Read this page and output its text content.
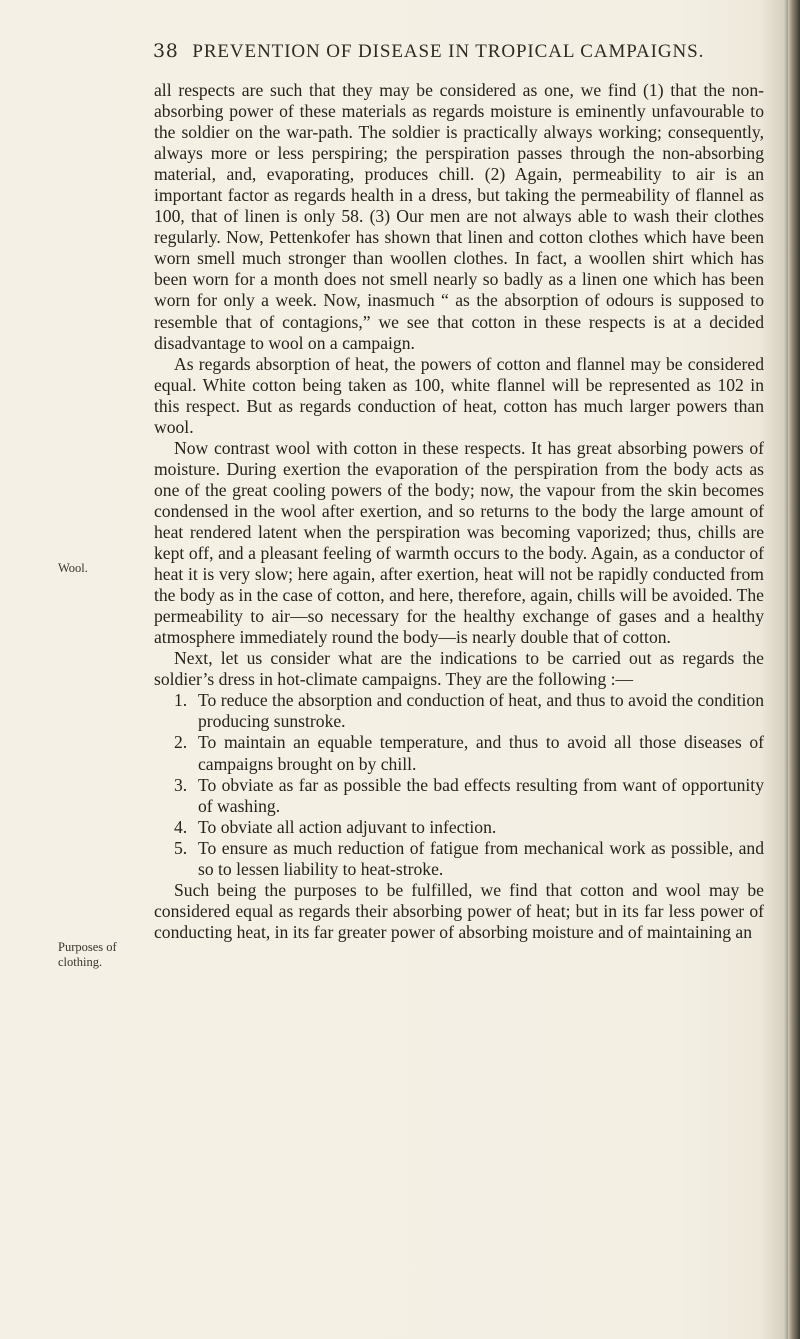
38 PREVENTION OF DISEASE IN TROPICAL CAMPAIGNS.
Wool.
Purposes of
clothing.

all respects are such that they may be considered as one, we find (1) that the non-absorbing power of these materials as regards moisture is eminently unfavourable to the soldier on the war-path. The soldier is practically always working; consequently, always more or less perspiring; the perspiration passes through the non-absorbing material, and, evaporating, produces chill. (2) Again, permeability to air is an important factor as regards health in a dress, but taking the permeability of flannel as 100, that of linen is only 58. (3) Our men are not always able to wash their clothes regularly. Now, Pettenkofer has shown that linen and cotton clothes which have been worn smell much stronger than woollen clothes. In fact, a woollen shirt which has been worn for a month does not smell nearly so badly as a linen one which has been worn for only a week. Now, inasmuch “ as the absorption of odours is supposed to resemble that of contagions,” we see that cotton in these respects is at a decided disadvantage to wool on a campaign.

As regards absorption of heat, the powers of cotton and flannel may be considered equal. White cotton being taken as 100, white flannel will be represented as 102 in this respect. But as regards conduction of heat, cotton has much larger powers than wool.

Now contrast wool with cotton in these respects. It has great absorbing powers of moisture. During exertion the evaporation of the perspiration from the body acts as one of the great cooling powers of the body; now, the vapour from the skin becomes condensed in the wool after exertion, and so returns to the body the large amount of heat rendered latent when the perspiration was becoming vaporized; thus, chills are kept off, and a pleasant feeling of warmth occurs to the body. Again, as a conductor of heat it is very slow; here again, after exertion, heat will not be rapidly conducted from the body as in the case of cotton, and here, therefore, again, chills will be avoided. The permeability to air—so necessary for the healthy exchange of gases and a healthy atmosphere immediately round the body—is nearly double that of cotton.

Next, let us consider what are the indications to be carried out as regards the soldier’s dress in hot-climate campaigns. They are the following :—

1. To reduce the absorption and conduction of heat, and thus to avoid the condition producing sunstroke.
2. To maintain an equable temperature, and thus to avoid all those diseases of campaigns brought on by chill.
3. To obviate as far as possible the bad effects resulting from want of opportunity of washing.
4. To obviate all action adjuvant to infection.
5. To ensure as much reduction of fatigue from mechanical work as possible, and so to lessen liability to heat-stroke.

Such being the purposes to be fulfilled, we find that cotton and wool may be considered equal as regards their absorbing power of heat; but in its far less power of conducting heat, in its far greater power of absorbing moisture and of maintaining an
